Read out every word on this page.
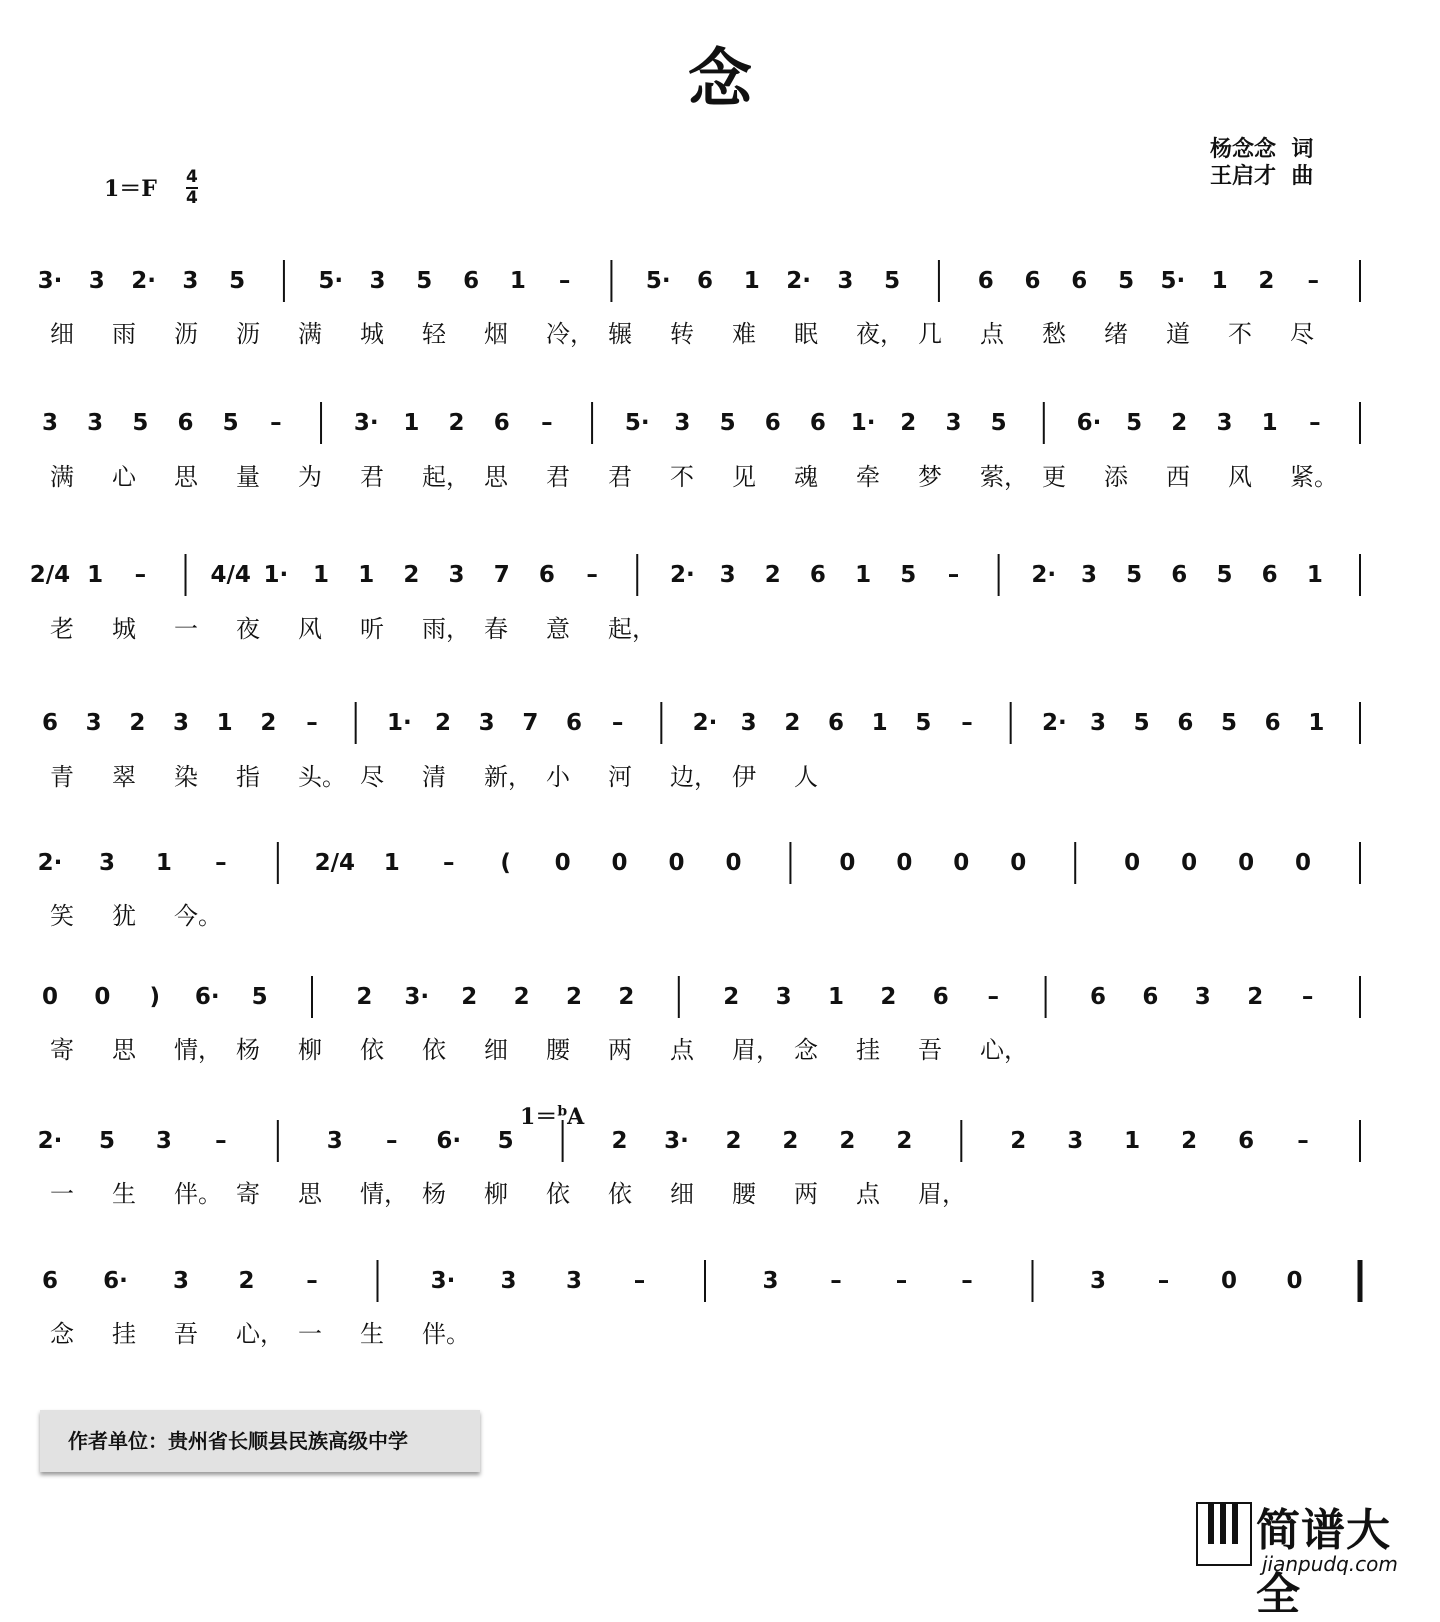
念
杨念念  词
王启才  曲
1＝F 4
4
1＝$^b$A
3· 3 2· 3 5	5· 3 5 6 1 –	5· 6 1 2· 3 5	6 6 6 5 5· 1 2 –
细 雨 沥 沥 满 城 轻 烟 冷， 辗 转 难 眠 夜， 几 点 愁 绪 道 不 尽
3 3 5 6 5 –	3· 1 2 6 –	5· 3 5 6 6 1· 2 3 5	6· 5 2 3 1 –
满 心 思 量 为 君 起， 思 君 君 不 见 魂 牵 梦 萦， 更 添 西 风 紧。
2/4 1 –	4/4 1· 1 1 2 3 7 6 –	2· 3 2 6 1 5 –	2· 3 5 6 5 6 1
老 城 一 夜 风 听 雨， 春 意 起，
6 3 2 3 1 2 –	1· 2 3 7 6 –	2· 3 2 6 1 5 –	2· 3 5 6 5 6 1
青 翠 染 指 头。 尽 清 新， 小 河 边， 伊 人
2· 3 1 –	2/4 1 – ( 0 0 0 0	0 0 0 0	0 0 0 0
笑 犹 今。
0 0 ) 6· 5	2 3· 2 2 2 2	2 3 1 2 6 –	6 6 3 2 –
寄 思 情， 杨 柳 依 依 细 腰 两 点 眉， 念 挂 吾 心，
2· 5 3 –	3 – 6· 5	2 3· 2 2 2 2	2 3 1 2 6 –
一 生 伴。 寄 思 情， 杨 柳 依 依 细 腰 两 点 眉，
6 6· 3 2 –	3· 3 3 –	3 – – –	3 – 0 0
念 挂 吾 心， 一 生 伴。
作者单位：贵州省长顺县民族高级中学
简谱大全
jianpudq.com
